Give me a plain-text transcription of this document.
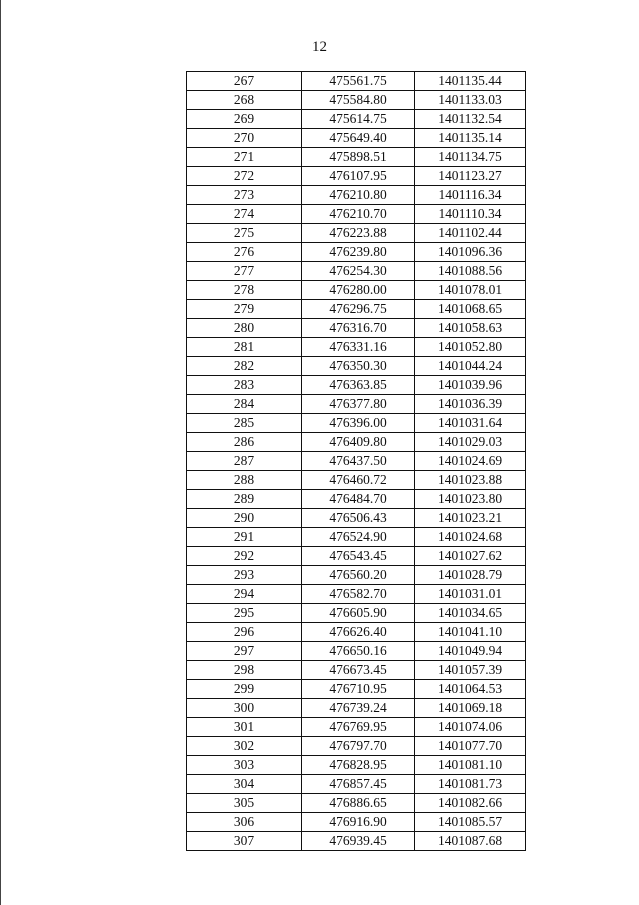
12
267	475561.75	1401135.44
268	475584.80	1401133.03
269	475614.75	1401132.54
270	475649.40	1401135.14
271	475898.51	1401134.75
272	476107.95	1401123.27
273	476210.80	1401116.34
274	476210.70	1401110.34
275	476223.88	1401102.44
276	476239.80	1401096.36
277	476254.30	1401088.56
278	476280.00	1401078.01
279	476296.75	1401068.65
280	476316.70	1401058.63
281	476331.16	1401052.80
282	476350.30	1401044.24
283	476363.85	1401039.96
284	476377.80	1401036.39
285	476396.00	1401031.64
286	476409.80	1401029.03
287	476437.50	1401024.69
288	476460.72	1401023.88
289	476484.70	1401023.80
290	476506.43	1401023.21
291	476524.90	1401024.68
292	476543.45	1401027.62
293	476560.20	1401028.79
294	476582.70	1401031.01
295	476605.90	1401034.65
296	476626.40	1401041.10
297	476650.16	1401049.94
298	476673.45	1401057.39
299	476710.95	1401064.53
300	476739.24	1401069.18
301	476769.95	1401074.06
302	476797.70	1401077.70
303	476828.95	1401081.10
304	476857.45	1401081.73
305	476886.65	1401082.66
306	476916.90	1401085.57
307	476939.45	1401087.68
